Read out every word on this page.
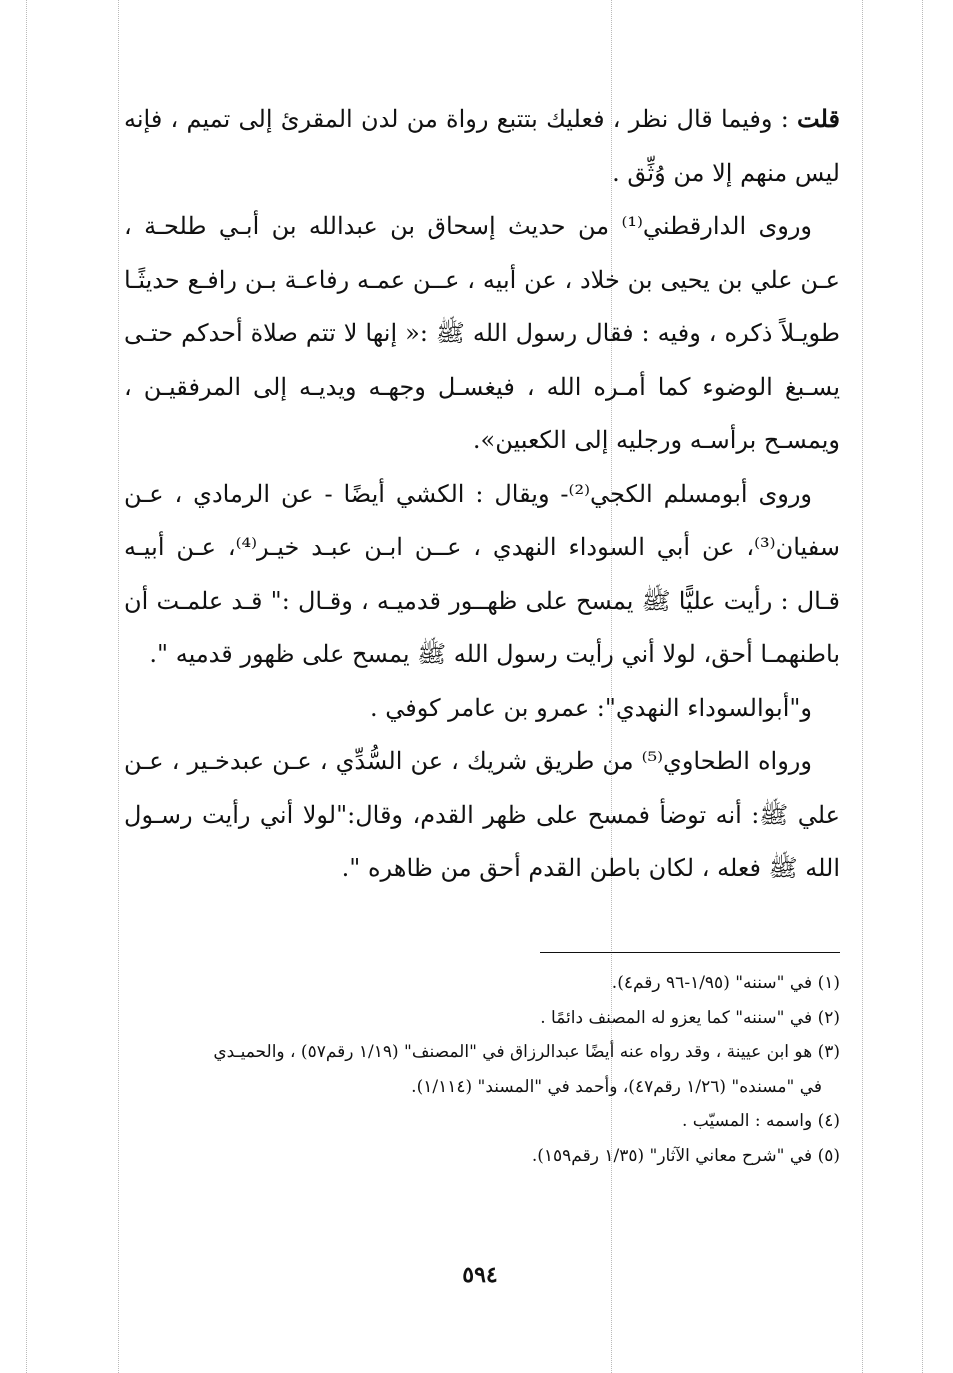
قلت : وفيما قال نظر ، فعليك بتتبع رواة من لدن المقرئ إلى تميم ، فإنه ليس منهم إلا من وُثِّق .

وروى الدارقطني⁽¹⁾ من حديث إسحاق بن عبدالله بن أبـي طلحـة ، عـن علي بن يحيى بن خلاد ، عن أبيه ، عــن عمـه رفاعـة بـن رافـع حديثًـا طويـلاً ذكره ، وفيه : فقال رسول الله ﷺ :« إنها لا تتم صلاة أحدكم حتـى يسـبغ الوضوء كما أمـره الله ، فيغسـل وجهـه ويديـه إلى المرفقيـن ، ويمسـح برأسـه ورجليه إلى الكعبين».

وروى أبومسلم الكجي⁽²⁾- ويقال : الكشي أيضًا - عن الرمادي ، عـن سفيان⁽³⁾، عن أبي السوداء النهدي ، عــن ابـن عبـد خيـر⁽⁴⁾، عـن أبيـه قـال : رأيت عليًّا ﷺ يمسح على ظهــور قدميـه ، وقـال :" قـد علمـت أن باطنهمـا أحق، لولا أني رأيت رسول الله ﷺ يمسح على ظهور قدميه ".

و"أبوالسوداء النهدي": عمرو بن عامر كوفي .

ورواه الطحاوي⁽⁵⁾ من طريق شريك ، عن السُّدِّي ، عـن عبدخـير ، عـن علي ﷺ: أنه توضأ فمسح على ظهر القدم، وقال:"لولا أني رأيت رسـول الله ﷺ فعله ، لكان باطن القدم أحق من ظاهره ".

(١) في "سننه" (١/٩٥-٩٦ رقم٤).

(٢) في "سننه" كما يعزو له المصنف دائمًا .

(٣) هو ابن عيينة ، وقد رواه عنه أيضًا عبدالرزاق في "المصنف" (١/١٩ رقم٥٧) ، والحميـدي

في "مسنده" (١/٢٦ رقم٤٧)، وأحمد في "المسند" (١/١١٤).

(٤) واسمه : المسيّب .

(٥) في "شرح معاني الآثار" (١/٣٥ رقم١٥٩).

٥٩٤
